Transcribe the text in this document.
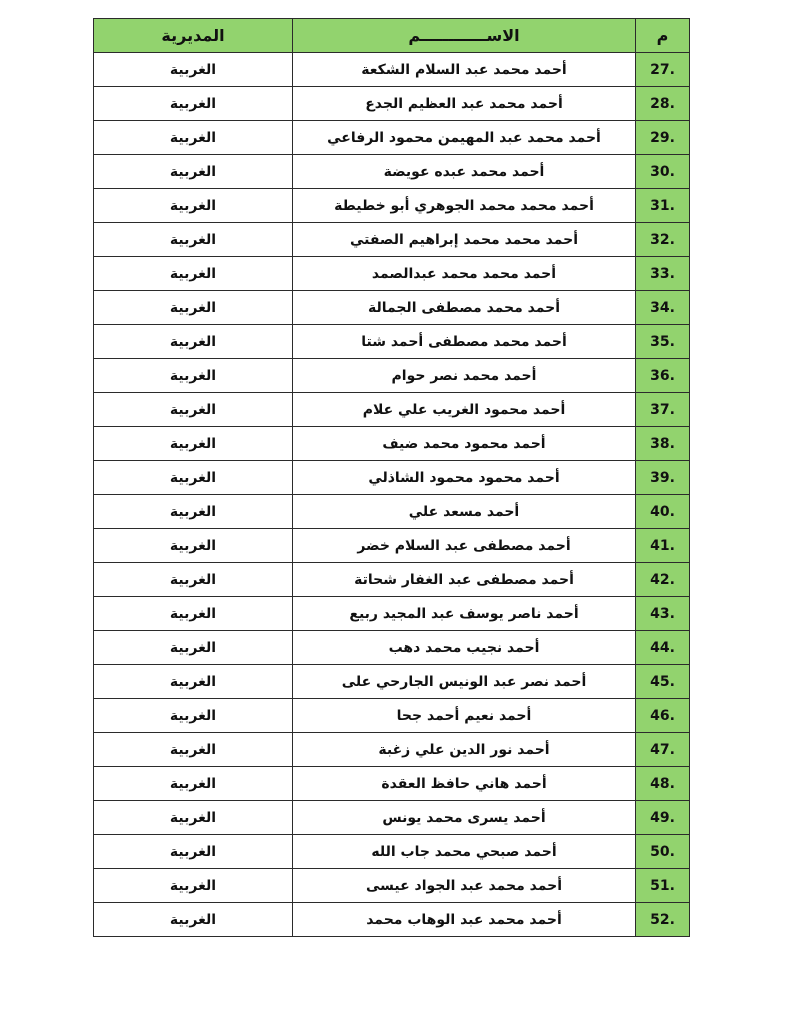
م	الاســــــــــــم	المديرية
27.	أحمد محمد عبد السلام الشكعة	الغربية
28.	أحمد محمد عبد العظيم الجدع	الغربية
29.	أحمد محمد عبد المهيمن محمود الرفاعي	الغربية
30.	أحمد محمد عبده عويضة	الغربية
31.	أحمد محمد محمد الجوهري أبو خطيطة	الغربية
32.	أحمد محمد محمد إبراهيم الصفتي	الغربية
33.	أحمد محمد محمد عبدالصمد	الغربية
34.	أحمد محمد مصطفى الجمالة	الغربية
35.	أحمد محمد مصطفى أحمد شتا	الغربية
36.	أحمد محمد نصر حوام	الغربية
37.	أحمد محمود الغريب علي علام	الغربية
38.	أحمد محمود محمد ضيف	الغربية
39.	أحمد محمود محمود الشاذلي	الغربية
40.	أحمد مسعد علي	الغربية
41.	أحمد مصطفى عبد السلام خضر	الغربية
42.	أحمد مصطفى عبد الغفار شحاتة	الغربية
43.	أحمد ناصر يوسف عبد المجيد ربيع	الغربية
44.	أحمد نجيب محمد دهب	الغربية
45.	أحمد نصر عبد الونيس الجارحي على	الغربية
46.	أحمد نعيم أحمد جحا	الغربية
47.	أحمد نور الدين علي زغبة	الغربية
48.	أحمد هاني حافظ العقدة	الغربية
49.	أحمد يسرى محمد يونس	الغربية
50.	أحمد صبحي محمد جاب الله	الغربية
51.	أحمد محمد عبد الجواد عيسى	الغربية
52.	أحمد محمد عبد الوهاب محمد	الغربية
